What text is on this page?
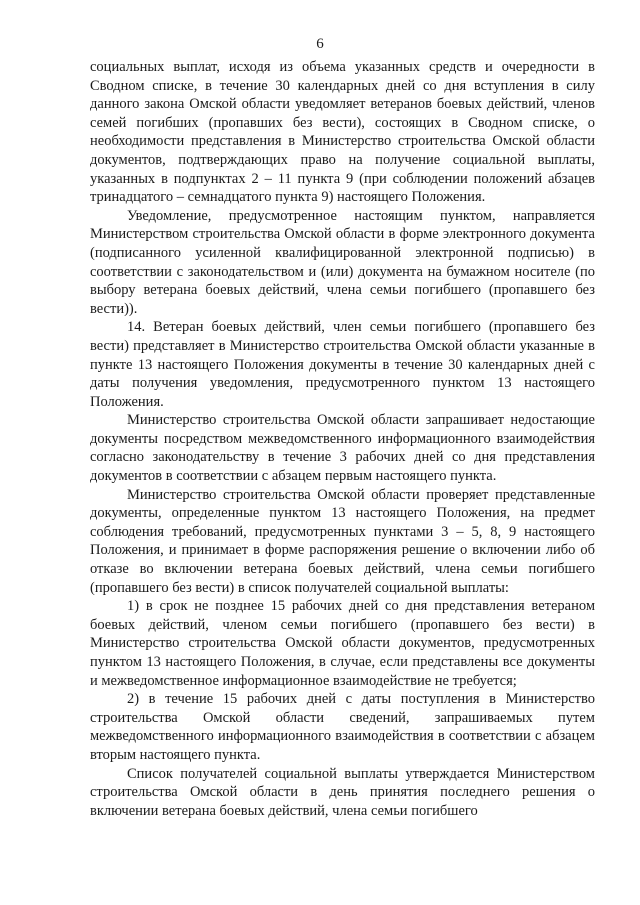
6

социальных выплат, исходя из объема указанных средств и очередности в Сводном списке, в течение 30 календарных дней со дня вступления в силу данного закона Омской области уведомляет ветеранов боевых действий, членов семей погибших (пропавших без вести), состоящих в Сводном списке, о необходимости представления в Министерство строительства Омской области документов, подтверждающих право на получение социальной выплаты, указанных в подпунктах 2 – 11 пункта 9 (при соблюдении положений абзацев тринадцатого – семнадцатого пункта 9) настоящего Положения.

Уведомление, предусмотренное настоящим пунктом, направляется Министерством строительства Омской области в форме электронного документа (подписанного усиленной квалифицированной электронной подписью) в соответствии с законодательством и (или) документа на бумажном носителе (по выбору ветерана боевых действий, члена семьи погибшего (пропавшего без вести)).

14. Ветеран боевых действий, член семьи погибшего (пропавшего без вести) представляет в Министерство строительства Омской области указанные в пункте 13 настоящего Положения документы в течение 30 календарных дней с даты получения уведомления, предусмотренного пунктом 13 настоящего Положения.

Министерство строительства Омской области запрашивает недостающие документы посредством межведомственного информационного взаимодействия согласно законодательству в течение 3 рабочих дней со дня представления документов в соответствии с абзацем первым настоящего пункта.

Министерство строительства Омской области проверяет представленные документы, определенные пунктом 13 настоящего Положения, на предмет соблюдения требований, предусмотренных пунктами 3 – 5, 8, 9 настоящего Положения, и принимает в форме распоряжения решение о включении либо об отказе во включении ветерана боевых действий, члена семьи погибшего (пропавшего без вести) в список получателей социальной выплаты:

1) в срок не позднее 15 рабочих дней со дня представления ветераном боевых действий, членом семьи погибшего (пропавшего без вести) в Министерство строительства Омской области документов, предусмотренных пунктом 13 настоящего Положения, в случае, если представлены все документы и межведомственное информационное взаимодействие не требуется;

2) в течение 15 рабочих дней с даты поступления в Министерство строительства Омской области сведений, запрашиваемых путем межведомственного информационного взаимодействия в соответствии с абзацем вторым настоящего пункта.

Список получателей социальной выплаты утверждается Министерством строительства Омской области в день принятия последнего решения о включении ветерана боевых действий, члена семьи погибшего
